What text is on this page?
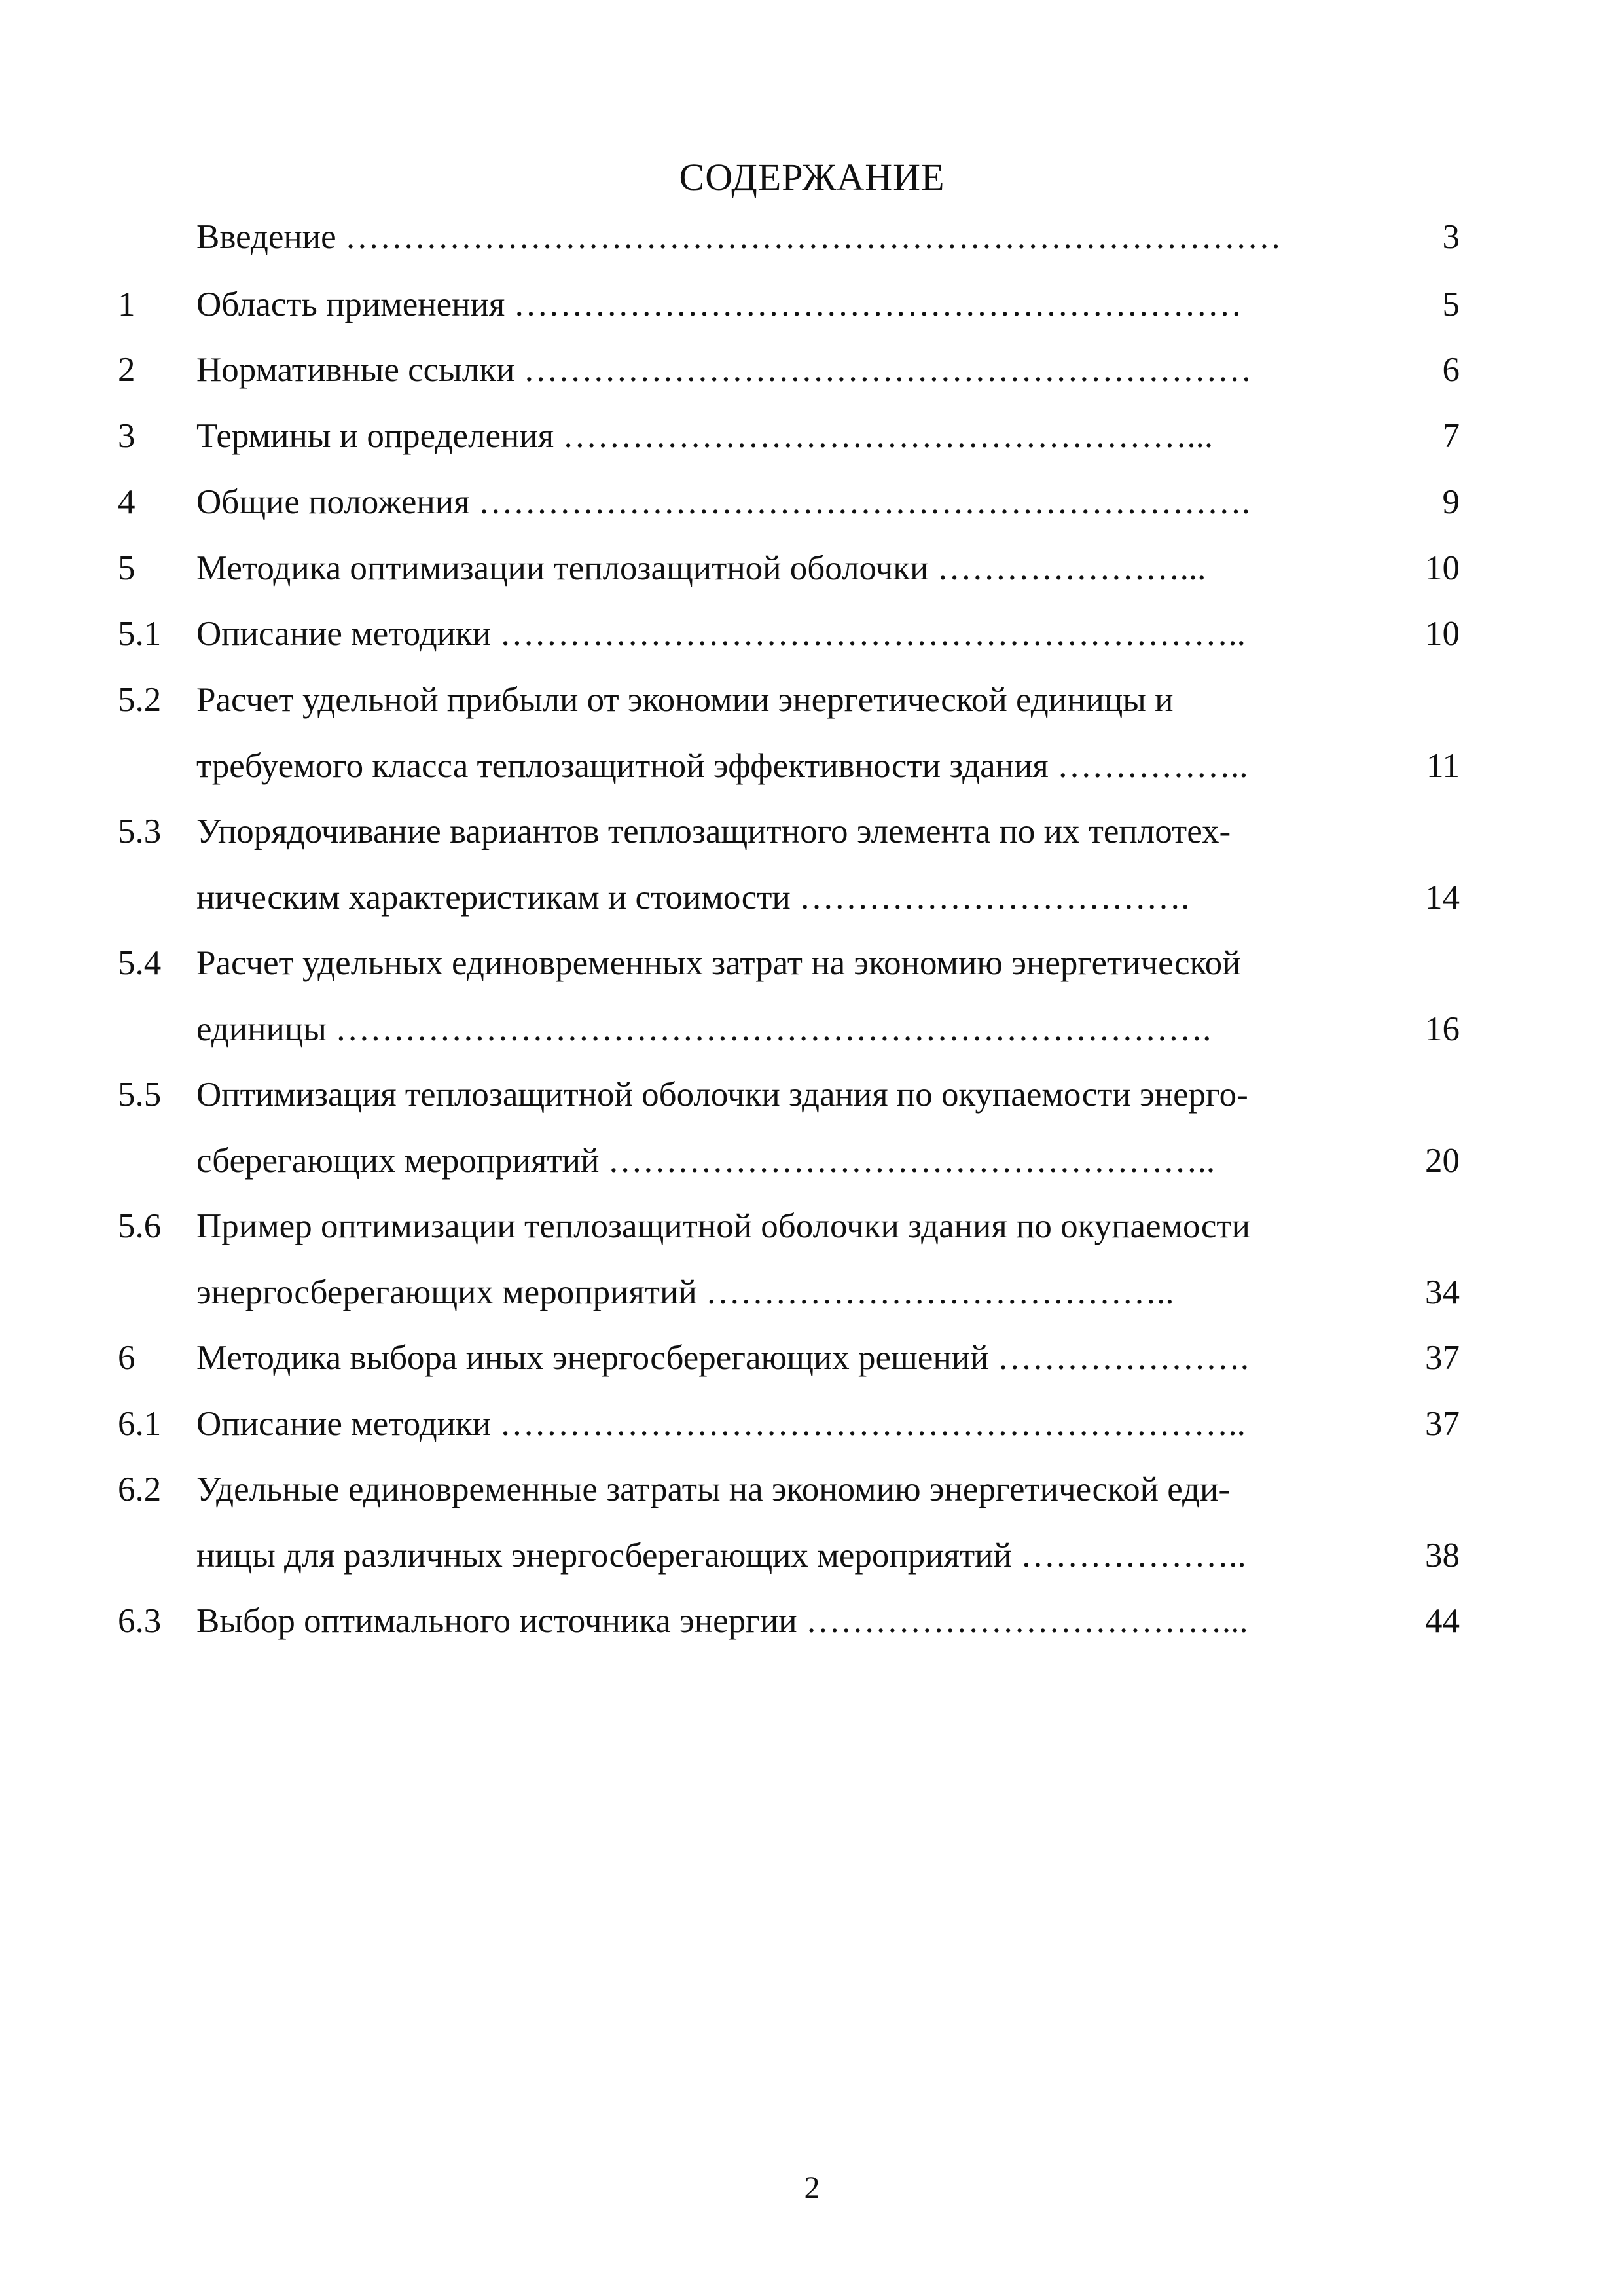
СОДЕРЖАНИЕ
Введение ………………………………………………………………………	3
1	Область применения ………………………………………………………	5
2	Нормативные ссылки ………………………………………………………	6
3	Термины и определения ………………………………………………...	7
4	Общие положения ………………………………………………………….	9
5	Методика оптимизации теплозащитной оболочки …………………...	10
5.1	Описание методики ………………………………………………………..	10
5.2	Расчет удельной прибыли от экономии энергетической единицы и
требуемого класса теплозащитной эффективности здания ……………..	11
5.3	Упорядочивание вариантов теплозащитного элемента по их теплотех-
ническим характеристикам и стоимости …………………………….	14
5.4	Расчет удельных единовременных затрат на экономию энергетической
единицы ………………………………………………………………….	16
5.5	Оптимизация теплозащитной оболочки здания по окупаемости энерго-
сберегающих мероприятий ……………………………………………..	20
5.6	Пример оптимизации теплозащитной оболочки здания по окупаемости
энергосберегающих мероприятий …………………………………..	34
6	Методика выбора иных энергосберегающих решений ………………….	37
6.1	Описание методики ………………………………………………………..	37
6.2	Удельные единовременные затраты на экономию энергетической еди-
ницы для различных энергосберегающих мероприятий ………………..	38
6.3	Выбор оптимального источника энергии ………………………………...	44
2
